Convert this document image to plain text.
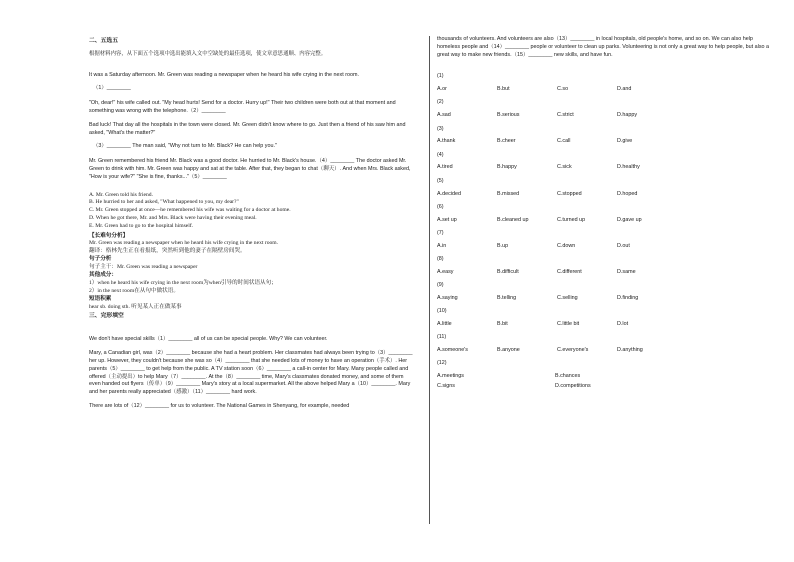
二、五选五
根据材料内容，从下面五个选项中选出能填入文中空缺处的最佳选项，使文章意思通顺、内容完整。

It was a Saturday afternoon. Mr. Green was reading a newspaper when he heard his wife crying in the next room.

（1）________

"Oh, dear!" his wife called out. "My head hurts! Send for a doctor. Hurry up!" Their two children were both out at that moment and something was wrong with the telephone.（2）________

Bad luck! That day all the hospitals in the town were closed. Mr. Green didn't know where to go. Just then a friend of his saw him and asked, "What's the matter?"

（3）________ The man said, "Why not turn to Mr. Black? He can help you."

Mr. Green remembered his friend Mr. Black was a good doctor. He hurried to Mr. Black's house.（4）________ The doctor asked Mr. Green to drink with him. Mr. Green was happy and sat at the table. After that, they began to chat（聊天）. And when Mrs. Black asked, "How is your wife?" "She is fine, thanks..."（5）________

A. Mr. Green told his friend.
B. He hurried to her and asked, "What happened to you, my dear?"
C. Mr. Green stopped at once—he remembered his wife was waiting for a doctor at home.
D. When he got there, Mr. and Mrs. Black were having their evening meal.
E. Mr. Green had to go to the hospital himself.
【长难句分析】
Mr. Green was reading a newspaper when he heard his wife crying in the next room.
翻译：格林先生正在看报纸，突然听到他的妻子在隔壁房间哭。
句子分析
句子主干：Mr. Green was reading a newspaper
其他成分：
1）when he heard his wife crying in the next room为when引导的时间状语从句；
2）in the next room在从句中做状语。
短语积累
hear sb. doing sth. 听见某人正在做某事
三、完形填空

We don't have special skills（1）________ all of us can be special people. Why? We can volunteer.

Mary, a Canadian girl, was（2）________ because she had a heart problem. Her classmates had always been trying to（3）________ her up. However, they couldn't because she was so（4）________ that she needed lots of money to have an operation（手术）. Her parents（5）________ to get help from the public. A TV station soon（6）________ a call-in center for Mary. Many people called and offered（主动提出）to help Mary（7）________. At the（8）________ time, Mary's classmates donated money, and some of them even handed out flyers（传单）（9）________ Mary's story at a local supermarket. All the above helped Mary a（10）________. Mary and her parents really appreciated（感激）（11）________ hard work.

There are lots of（12）________ for us to volunteer. The National Games in Shenyang, for example, needed

thousands of volunteers. And volunteers are also（13）________ in local hospitals, old people's home, and so on. We can also help homeless people and（14）________ people or volunteer to clean up parks. Volunteering is not only a great way to help people, but also a great way to make new friends.（15）________ new skills, and have fun.
(1)
A.or	B.but	C.so	D.and
(2)
A.sad	B.serious	C.strict	D.happy
(3)
A.thank	B.cheer	C.call	D.give
(4)
A.tired	B.happy	C.sick	D.healthy
(5)
A.decided	B.missed	C.stopped	D.hoped
(6)
A.set up	B.cleaned up	C.turned up	D.gave up
(7)
A.in	B.up	C.down	D.out
(8)
A.easy	B.difficult	C.different	D.same
(9)
A.saying	B.telling	C.selling	D.finding
(10)
A.little	B.bit	C.little bit	D.lot
(11)
A.someone's	B.anyone	C.everyone's	D.anything
(12)
A.meetings	B.chances
C.signs	D.competitions
